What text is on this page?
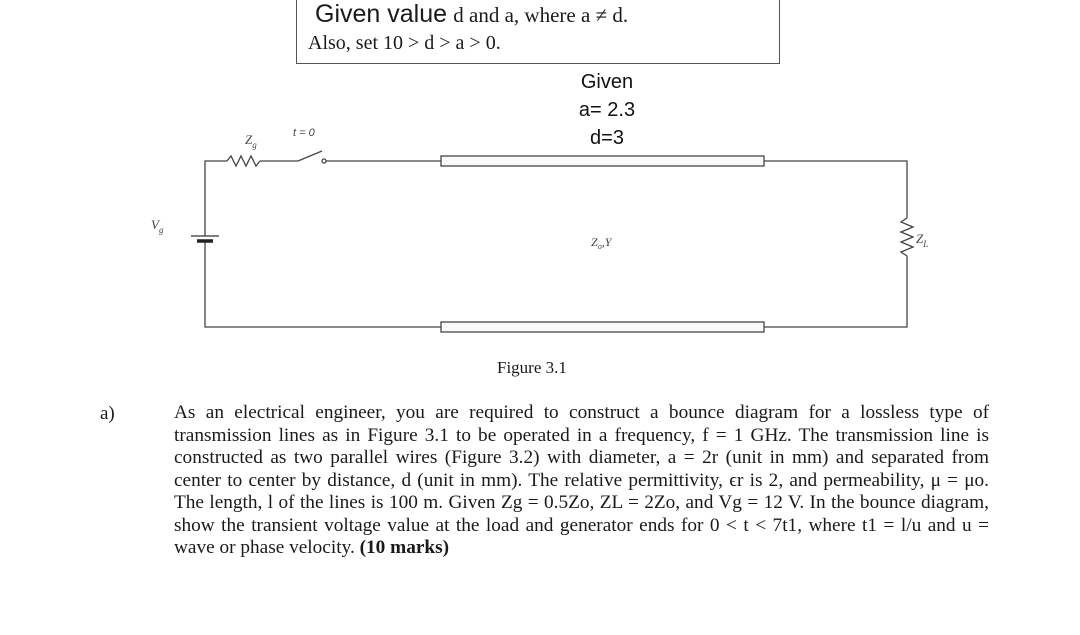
Given value d and a, where a ≠ d.
Also, set 10 > d > a > 0.
Given
a= 2.3
d=3
$Z_g$
t = 0
$V_g$
$Z_o,Y$	$Z_L$
Figure 3.1
a)	As an electrical engineer, you are required to construct a bounce diagram for a lossless type of transmission lines as in Figure 3.1 to be operated in a frequency, f = 1 GHz. The transmission line is constructed as two parallel wires (Figure 3.2) with diameter, a = 2r (unit in mm) and separated from center to center by distance, d (unit in mm). The relative permittivity, ϵr is 2, and permeability, μ = μo. The length, l of the lines is 100 m. Given Zg = 0.5Zo, ZL = 2Zo, and Vg = 12 V. In the bounce diagram, show the transient voltage value at the load and generator ends for 0 < t < 7t1, where t1 = l/u and u = wave or phase velocity. (10 marks)
